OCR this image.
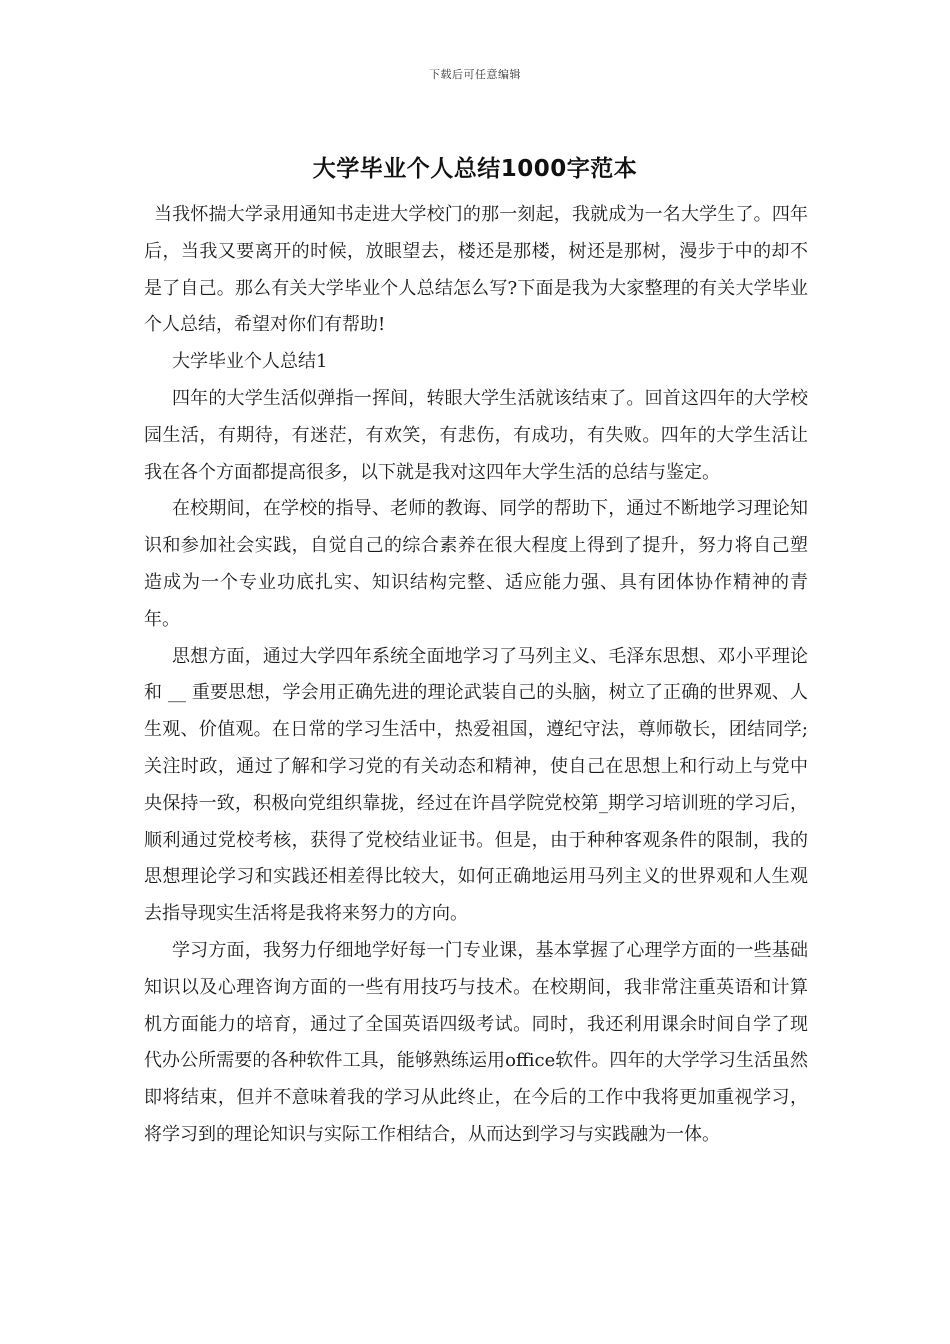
下载后可任意编辑
大学毕业个人总结1000字范本

当我怀揣大学录用通知书走进大学校门的那一刻起，我就成为一名大学生了。四年后，当我又要离开的时候，放眼望去，楼还是那楼，树还是那树，漫步于中的却不是了自己。那么有关大学毕业个人总结怎么写?下面是我为大家整理的有关大学毕业个人总结，希望对你们有帮助!

大学毕业个人总结1

四年的大学生活似弹指一挥间，转眼大学生活就该结束了。回首这四年的大学校园生活，有期待，有迷茫，有欢笑，有悲伤，有成功，有失败。四年的大学生活让我在各个方面都提高很多，以下就是我对这四年大学生活的总结与鉴定。

在校期间，在学校的指导、老师的教诲、同学的帮助下，通过不断地学习理论知识和参加社会实践，自觉自己的综合素养在很大程度上得到了提升，努力将自己塑造成为一个专业功底扎实、知识结构完整、适应能力强、具有团体协作精神的青年。

思想方面，通过大学四年系统全面地学习了马列主义、毛泽东思想、邓小平理论和 __ 重要思想，学会用正确先进的理论武装自己的头脑，树立了正确的世界观、人生观、价值观。在日常的学习生活中，热爱祖国，遵纪守法，尊师敬长，团结同学;关注时政，通过了解和学习党的有关动态和精神，使自己在思想上和行动上与党中央保持一致，积极向党组织靠拢，经过在许昌学院党校第_期学习培训班的学习后，顺利通过党校考核，获得了党校结业证书。但是，由于种种客观条件的限制，我的思想理论学习和实践还相差得比较大，如何正确地运用马列主义的世界观和人生观去指导现实生活将是我将来努力的方向。

学习方面，我努力仔细地学好每一门专业课，基本掌握了心理学方面的一些基础知识以及心理咨询方面的一些有用技巧与技术。在校期间，我非常注重英语和计算机方面能力的培育，通过了全国英语四级考试。同时，我还利用课余时间自学了现代办公所需要的各种软件工具，能够熟练运用office软件。四年的大学学习生活虽然即将结束，但并不意味着我的学习从此终止，在今后的工作中我将更加重视学习，将学习到的理论知识与实际工作相结合，从而达到学习与实践融为一体。
